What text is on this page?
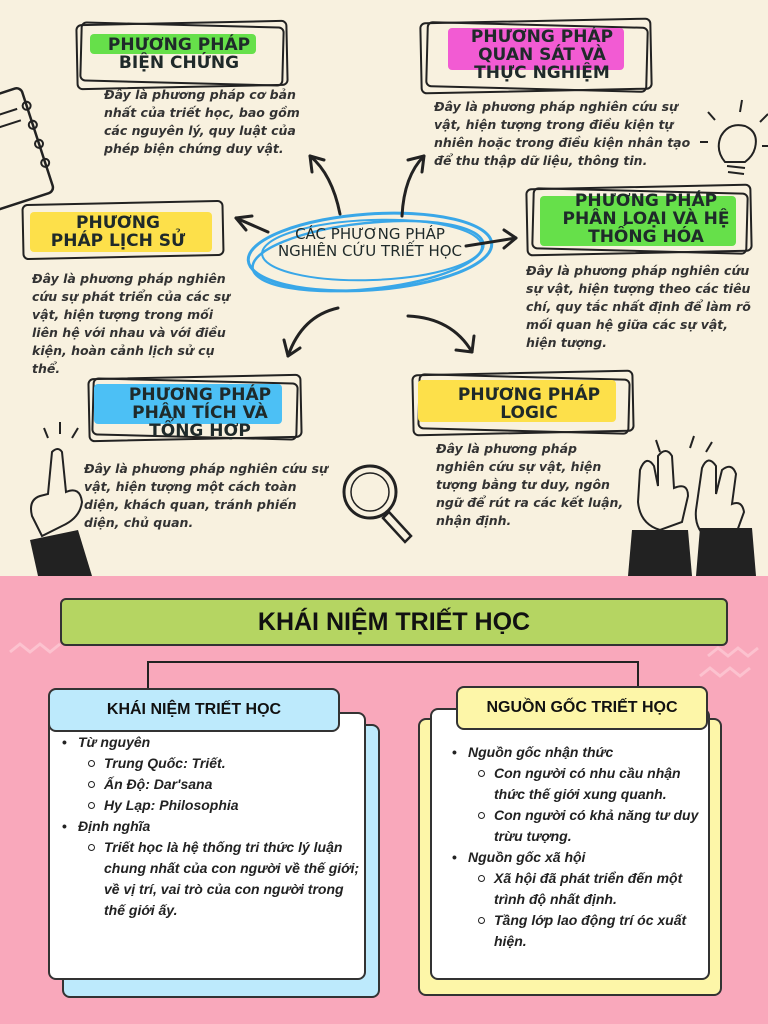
PHƯƠNG PHÁP BIỆN CHỨNG
Đây là phương pháp cơ bản nhất của triết học, bao gồm các nguyên lý, quy luật của phép biện chứng duy vật.
PHƯƠNG PHÁP QUAN SÁT VÀ THỰC NGHIỆM
Đây là phương pháp nghiên cứu sự vật, hiện tượng trong điều kiện tự nhiên hoặc trong điều kiện nhân tạo để thu thập dữ liệu, thông tin.
PHƯƠNG PHÁP LỊCH SỬ
Đây là phương pháp nghiên cứu sự phát triển của các sự vật, hiện tượng trong mối liên hệ với nhau và với điều kiện, hoàn cảnh lịch sử cụ thể.
PHƯƠNG PHÁP PHÂN LOẠI VÀ HỆ THỐNG HÓA
Đây là phương pháp nghiên cứu sự vật, hiện tượng theo các tiêu chí, quy tắc nhất định để làm rõ mối quan hệ giữa các sự vật, hiện tượng.
PHƯƠNG PHÁP PHÂN TÍCH VÀ TỔNG HỢP
Đây là phương pháp nghiên cứu sự vật, hiện tượng một cách toàn diện, khách quan, tránh phiến diện, chủ quan.
PHƯƠNG PHÁP LOGIC
Đây là phương pháp nghiên cứu sự vật, hiện tượng bằng tư duy, ngôn ngữ để rút ra các kết luận, nhận định.
CÁC PHƯƠNG PHÁP NGHIÊN CỨU TRIẾT HỌC
KHÁI NIỆM TRIẾT HỌC
KHÁI NIỆM TRIẾT HỌC
• Từ nguyên
Trung Quốc: Triết.
Ấn Độ: Dar'sana
Hy Lạp: Philosophia
• Định nghĩa
Triết học là hệ thống tri thức lý luận chung nhất của con người về thế giới; về vị trí, vai trò của con người trong thế giới ấy.
NGUỒN GỐC TRIẾT HỌC
• Nguồn gốc nhận thức
Con người có nhu cầu nhận thức thế giới xung quanh.
Con người có khả năng tư duy trừu tượng.
• Nguồn gốc xã hội
Xã hội đã phát triển đến một trình độ nhất định.
Tầng lớp lao động trí óc xuất hiện.
